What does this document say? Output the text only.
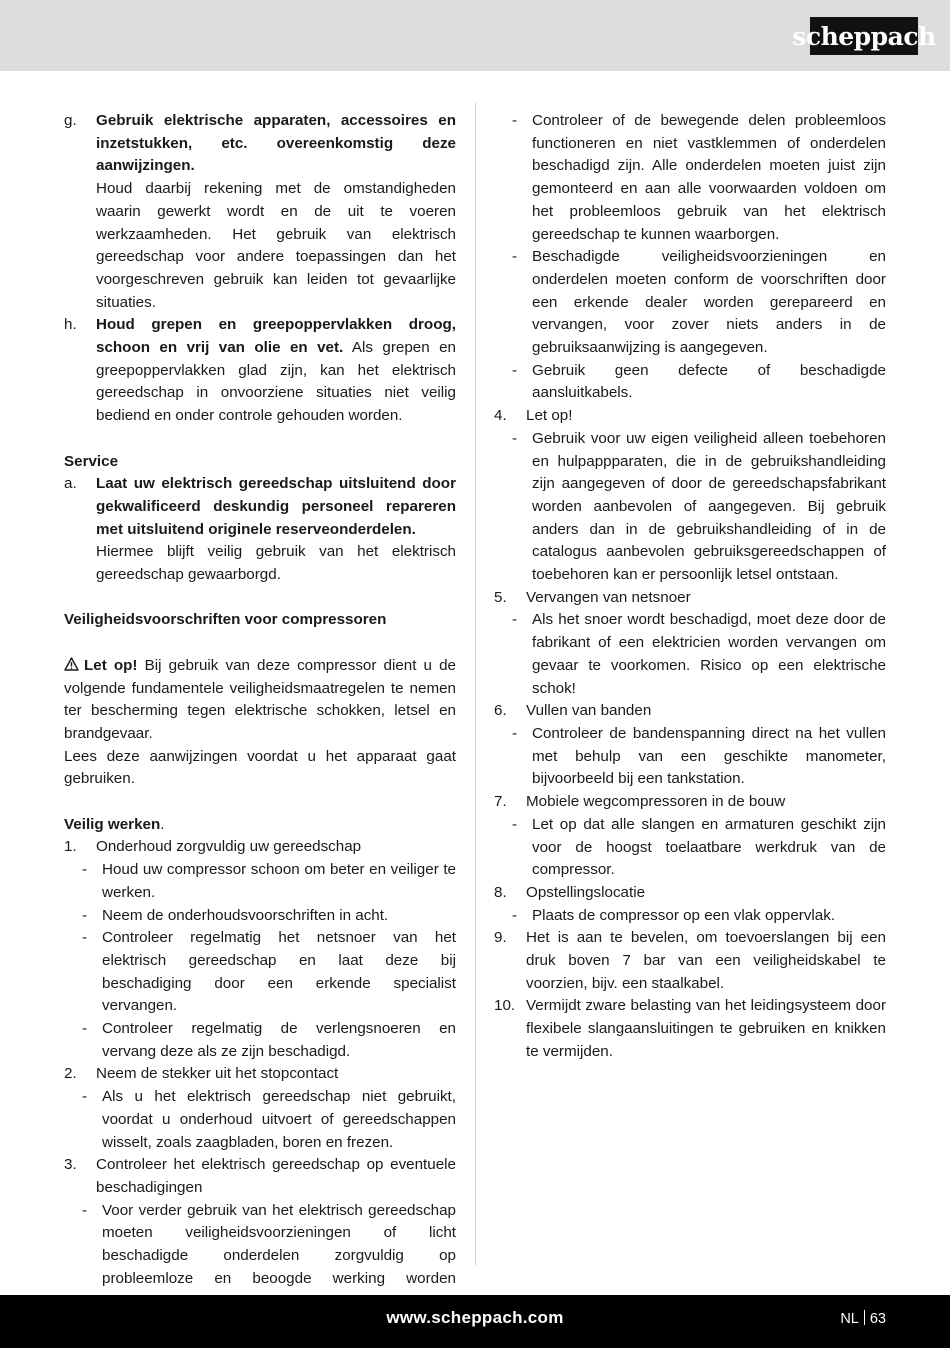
scheppach
g.	Gebruik elektrische apparaten, accessoires en inzetstukken, etc. overeenkomstig deze aanwijzingen.
Houd daarbij rekening met de omstandigheden waarin gewerkt wordt en de uit te voeren werkzaamheden. Het gebruik van elektrisch gereedschap voor andere toepassingen dan het voorgeschreven gebruik kan leiden tot gevaarlijke situaties.
h.	Houd grepen en greepoppervlakken droog, schoon en vrij van olie en vet. Als grepen en greepoppervlakken glad zijn, kan het elektrisch gereedschap in onvoorziene situaties niet veilig bediend en onder controle gehouden worden.
Service
a.	Laat uw elektrisch gereedschap uitsluitend door gekwalificeerd deskundig personeel repareren met uitsluitend originele reserveonderdelen.
Hiermee blijft veilig gebruik van het elektrisch gereedschap gewaarborgd.
Veiligheidsvoorschriften voor compressoren
Let op! Bij gebruik van deze compressor dient u de volgende fundamentele veiligheidsmaatregelen te nemen ter bescherming tegen elektrische schokken, letsel en brandgevaar.
Lees deze aanwijzingen voordat u het apparaat gaat gebruiken.
Veilig werken.
1.	Onderhoud zorgvuldig uw gereedschap
- Houd uw compressor schoon om beter en veiliger te werken.
- Neem de onderhoudsvoorschriften in acht.
- Controleer regelmatig het netsnoer van het elektrisch gereedschap en laat deze bij beschadiging door een erkende specialist vervangen.
- Controleer regelmatig de verlengsnoeren en vervang deze als ze zijn beschadigd.
2.	Neem de stekker uit het stopcontact
- Als u het elektrisch gereedschap niet gebruikt, voordat u onderhoud uitvoert of gereedschappen wisselt, zoals zaagbladen, boren en frezen.
3.	Controleer het elektrisch gereedschap op eventuele beschadigingen
- Voor verder gebruik van het elektrisch gereedschap moeten veiligheidsvoorzieningen of licht beschadigde onderdelen zorgvuldig op probleemloze en beoogde werking worden
- Controleer of de bewegende delen probleemloos functioneren en niet vastklemmen of onderdelen beschadigd zijn. Alle onderdelen moeten juist zijn gemonteerd en aan alle voorwaarden voldoen om het probleemloos gebruik van het elektrisch gereedschap te kunnen waarborgen.
- Beschadigde veiligheidsvoorzieningen en onderdelen moeten conform de voorschriften door een erkende dealer worden gerepareerd en vervangen, voor zover niets anders in de gebruiksaanwijzing is aangegeven.
- Gebruik geen defecte of beschadigde aansluitkabels.
4.	Let op!
- Gebruik voor uw eigen veiligheid alleen toebehoren en hulpappparaten, die in de gebruikshandleiding zijn aangegeven of door de gereedschapsfabrikant worden aanbevolen of aangegeven. Bij gebruik anders dan in de gebruikshandleiding of in de catalogus aanbevolen gebruiksgereedschappen of toebehoren kan er persoonlijk letsel ontstaan.
5.	Vervangen van netsnoer
- Als het snoer wordt beschadigd, moet deze door de fabrikant of een elektricien worden vervangen om gevaar te voorkomen. Risico op een elektrische schok!
6.	Vullen van banden
- Controleer de bandenspanning direct na het vullen met behulp van een geschikte manometer, bijvoorbeeld bij een tankstation.
7.	Mobiele wegcompressoren in de bouw
- Let op dat alle slangen en armaturen geschikt zijn voor de hoogst toelaatbare werkdruk van de compressor.
8.	Opstellingslocatie
- Plaats de compressor op een vlak oppervlak.
9.	Het is aan te bevelen, om toevoerslangen bij een druk boven 7 bar van een veiligheidskabel te voorzien, bijv. een staalkabel.
10. Vermijdt zware belasting van het leidingsysteem door flexibele slangaansluitingen te gebruiken en knikken te vermijden.
www.scheppach.com	NL 63
